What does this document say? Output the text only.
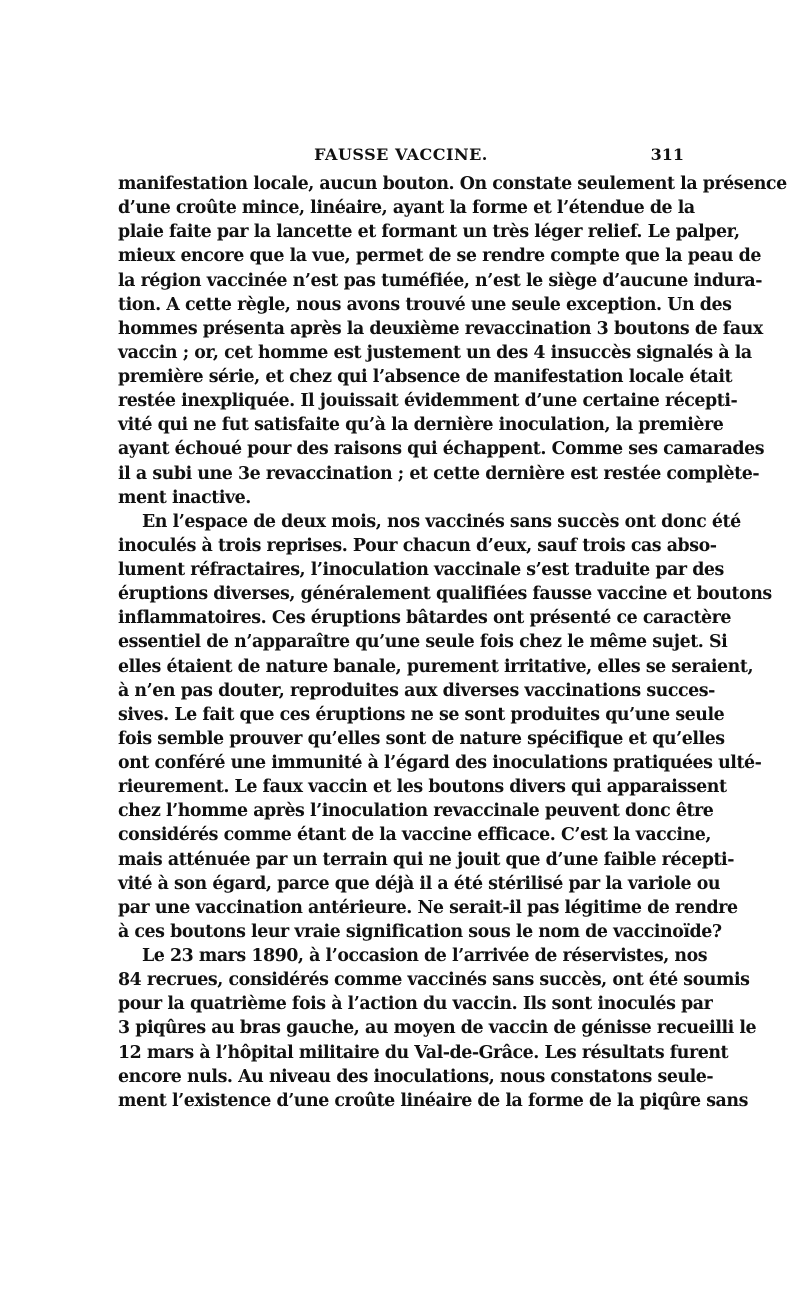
FAUSSE VACCINE.	311
manifestation locale, aucun bouton. On constate seulement la présence
d’une croûte mince, linéaire, ayant la forme et l’étendue de la
plaie faite par la lancette et formant un très léger relief. Le palper,
mieux encore que la vue, permet de se rendre compte que la peau de
la région vaccinée n’est pas tuméfiée, n’est le siège d’aucune indura-
tion. A cette règle, nous avons trouvé une seule exception. Un des
hommes présenta après la deuxième revaccination 3 boutons de faux
vaccin ; or, cet homme est justement un des 4 insuccès signalés à la
première série, et chez qui l’absence de manifestation locale était
restée inexpliquée. Il jouissait évidemment d’une certaine récepti-
vité qui ne fut satisfaite qu’à la dernière inoculation, la première
ayant échoué pour des raisons qui échappent. Comme ses camarades
il a subi une 3e revaccination ; et cette dernière est restée complète-
ment inactive.
En l’espace de deux mois, nos vaccinés sans succès ont donc été
inoculés à trois reprises. Pour chacun d’eux, sauf trois cas abso-
lument réfractaires, l’inoculation vaccinale s’est traduite par des
éruptions diverses, généralement qualifiées fausse vaccine et boutons
inflammatoires. Ces éruptions bâtardes ont présenté ce caractère
essentiel de n’apparaître qu’une seule fois chez le même sujet. Si
elles étaient de nature banale, purement irritative, elles se seraient,
à n’en pas douter, reproduites aux diverses vaccinations succes-
sives. Le fait que ces éruptions ne se sont produites qu’une seule
fois semble prouver qu’elles sont de nature spécifique et qu’elles
ont conféré une immunité à l’égard des inoculations pratiquées ulté-
rieurement. Le faux vaccin et les boutons divers qui apparaissent
chez l’homme après l’inoculation revaccinale peuvent donc être
considérés comme étant de la vaccine efficace. C’est la vaccine,
mais atténuée par un terrain qui ne jouit que d’une faible récepti-
vité à son égard, parce que déjà il a été stérilisé par la variole ou
par une vaccination antérieure. Ne serait-il pas légitime de rendre
à ces boutons leur vraie signification sous le nom de vaccinoïde?
Le 23 mars 1890, à l’occasion de l’arrivée de réservistes, nos
84 recrues, considérés comme vaccinés sans succès, ont été soumis
pour la quatrième fois à l’action du vaccin. Ils sont inoculés par
3 piqûres au bras gauche, au moyen de vaccin de génisse recueilli le
12 mars à l’hôpital militaire du Val-de-Grâce. Les résultats furent
encore nuls. Au niveau des inoculations, nous constatons seule-
ment l’existence d’une croûte linéaire de la forme de la piqûre sans
